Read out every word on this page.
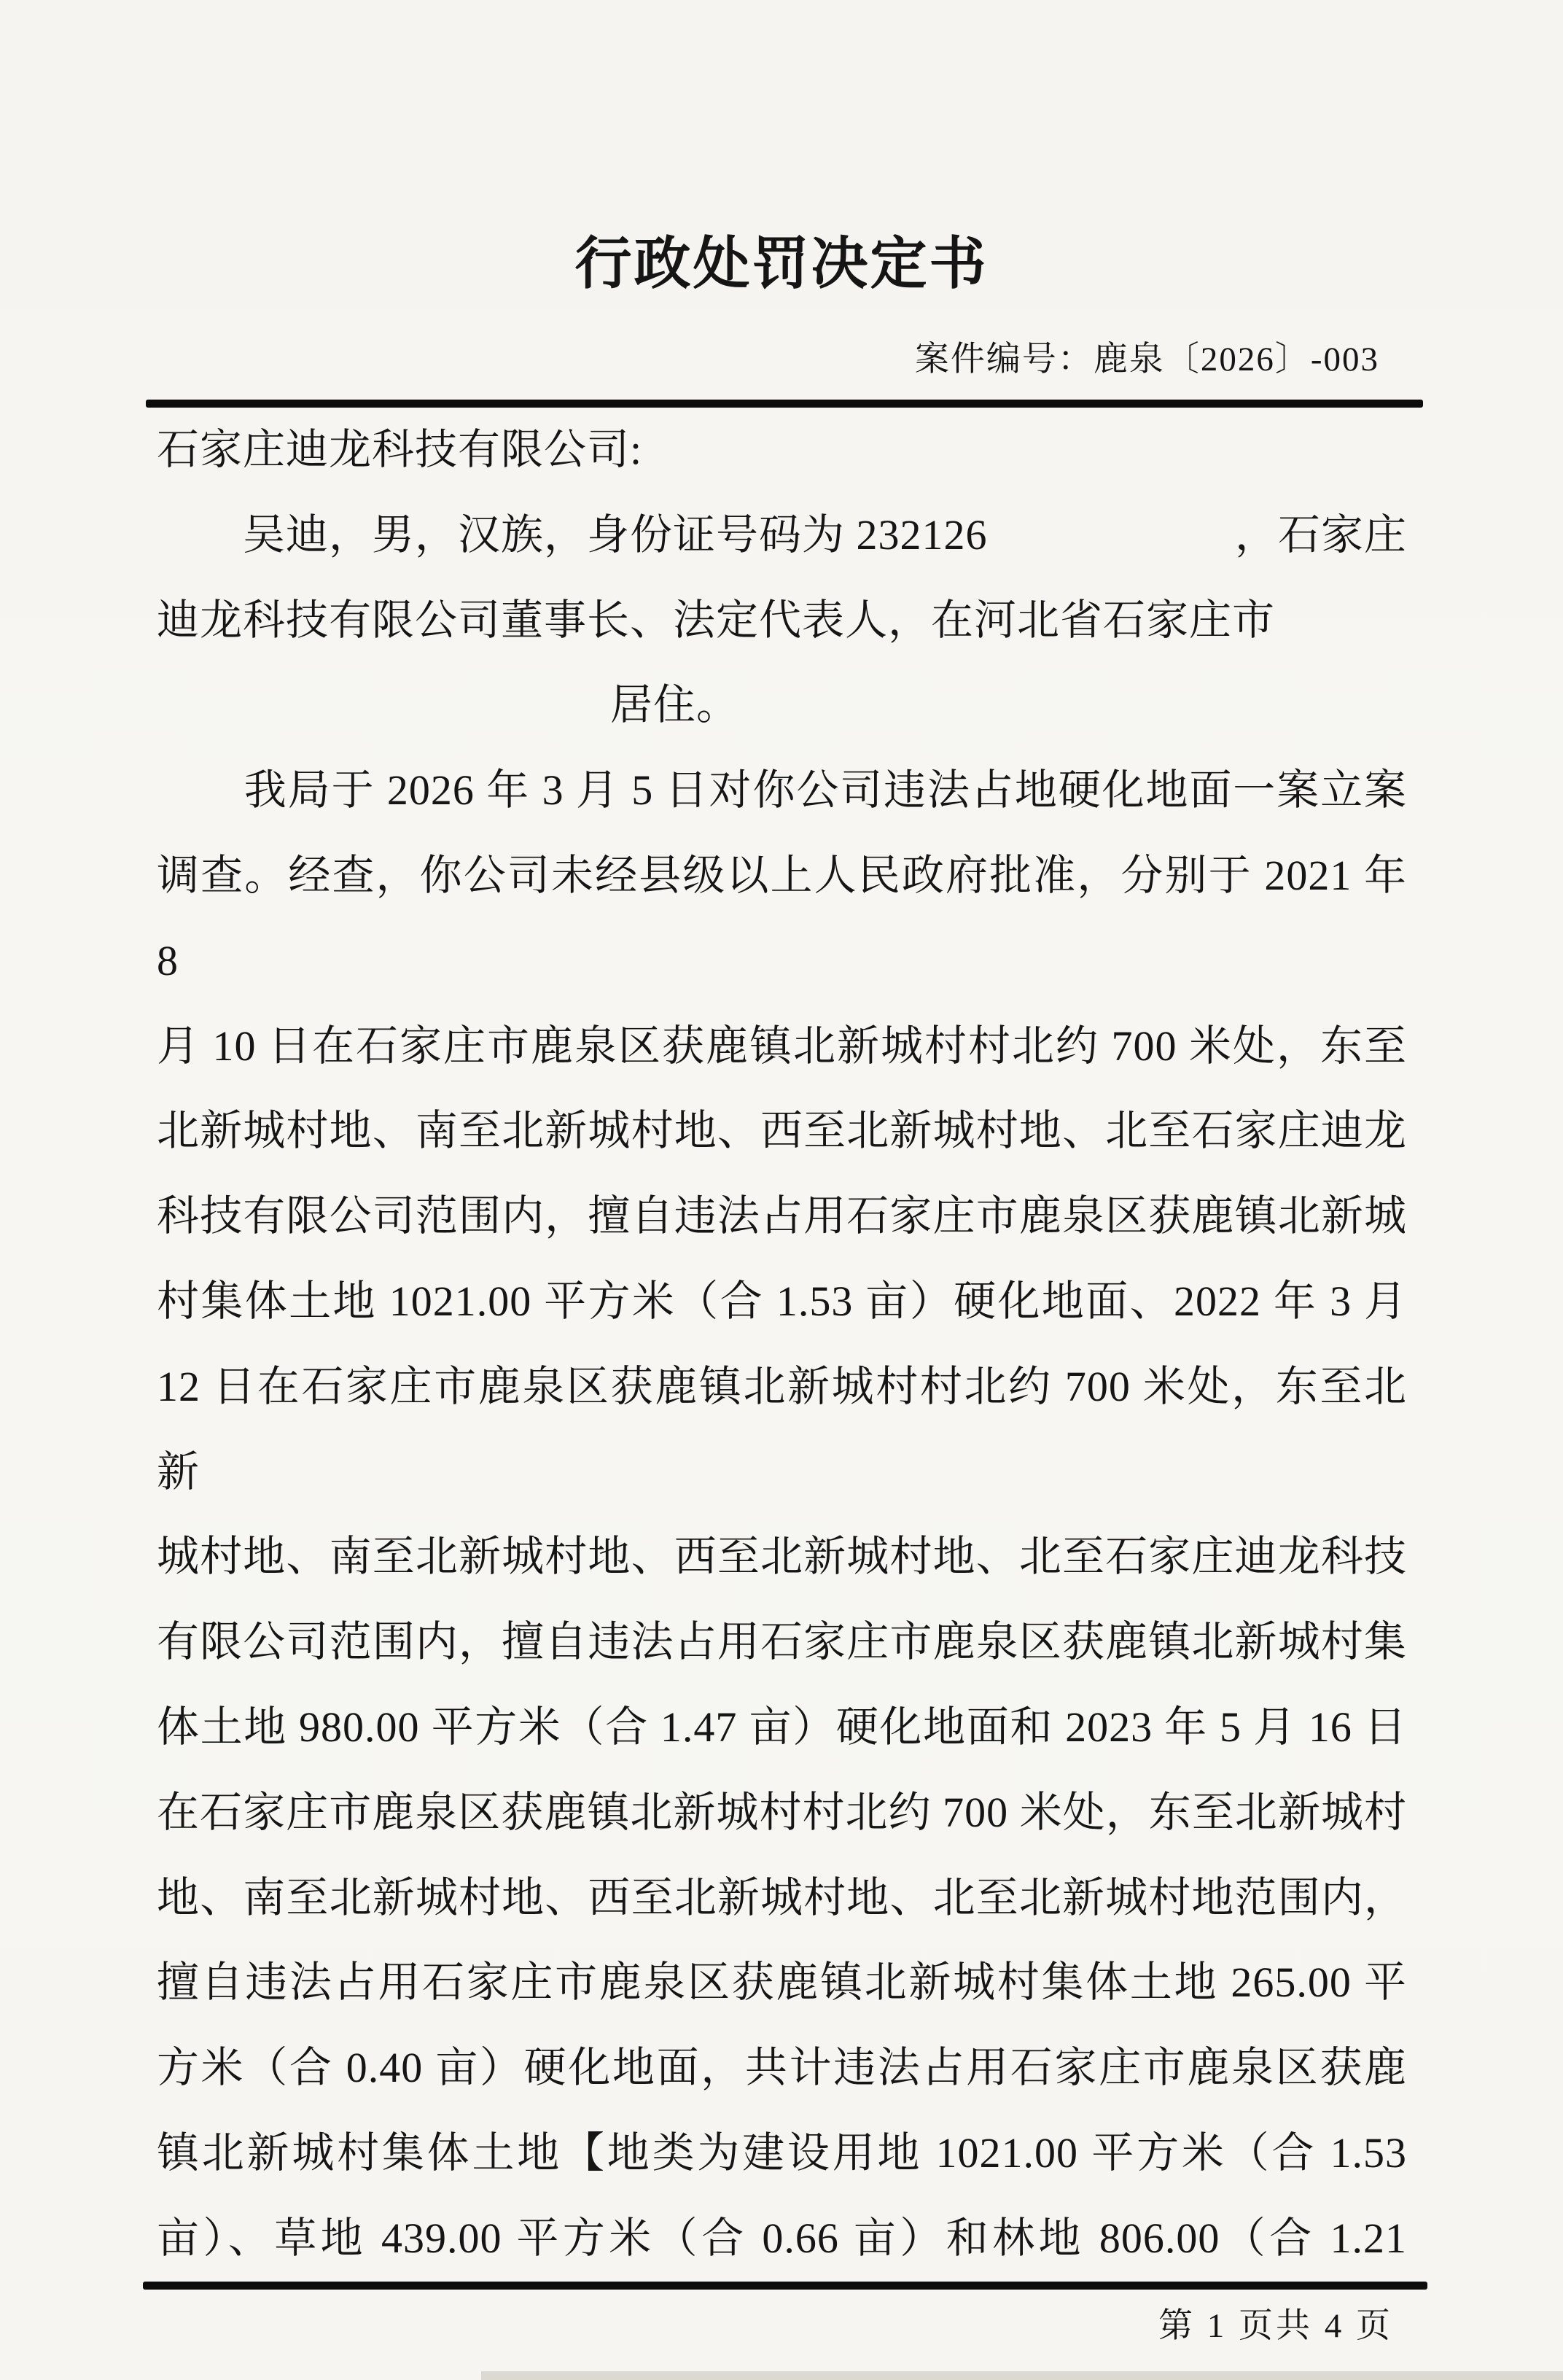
行政处罚决定书
案件编号：鹿泉〔2026〕-003
石家庄迪龙科技有限公司:
　　吴迪，男，汉族，身份证号码为 232126	，石家庄
迪龙科技有限公司董事长、法定代表人，在河北省石家庄市
居住。
　　我局于 2026 年 3 月 5 日对你公司违法占地硬化地面一案立案
调查。经查，你公司未经县级以上人民政府批准，分别于 2021 年 8
月 10 日在石家庄市鹿泉区获鹿镇北新城村村北约 700 米处，东至
北新城村地、南至北新城村地、西至北新城村地、北至石家庄迪龙
科技有限公司范围内，擅自违法占用石家庄市鹿泉区获鹿镇北新城
村集体土地 1021.00 平方米（合 1.53 亩）硬化地面、2022 年 3 月
12 日在石家庄市鹿泉区获鹿镇北新城村村北约 700 米处，东至北新
城村地、南至北新城村地、西至北新城村地、北至石家庄迪龙科技
有限公司范围内，擅自违法占用石家庄市鹿泉区获鹿镇北新城村集
体土地 980.00 平方米（合 1.47 亩）硬化地面和 2023 年 5 月 16 日
在石家庄市鹿泉区获鹿镇北新城村村北约 700 米处，东至北新城村
地、南至北新城村地、西至北新城村地、北至北新城村地范围内，
擅自违法占用石家庄市鹿泉区获鹿镇北新城村集体土地 265.00 平
方米（合 0.40 亩）硬化地面，共计违法占用石家庄市鹿泉区获鹿
镇北新城村集体土地【地类为建设用地 1021.00 平方米（合 1.53
亩）、草地 439.00 平方米（合 0.66 亩）和林地 806.00（合 1.21
第 1 页共 4 页
